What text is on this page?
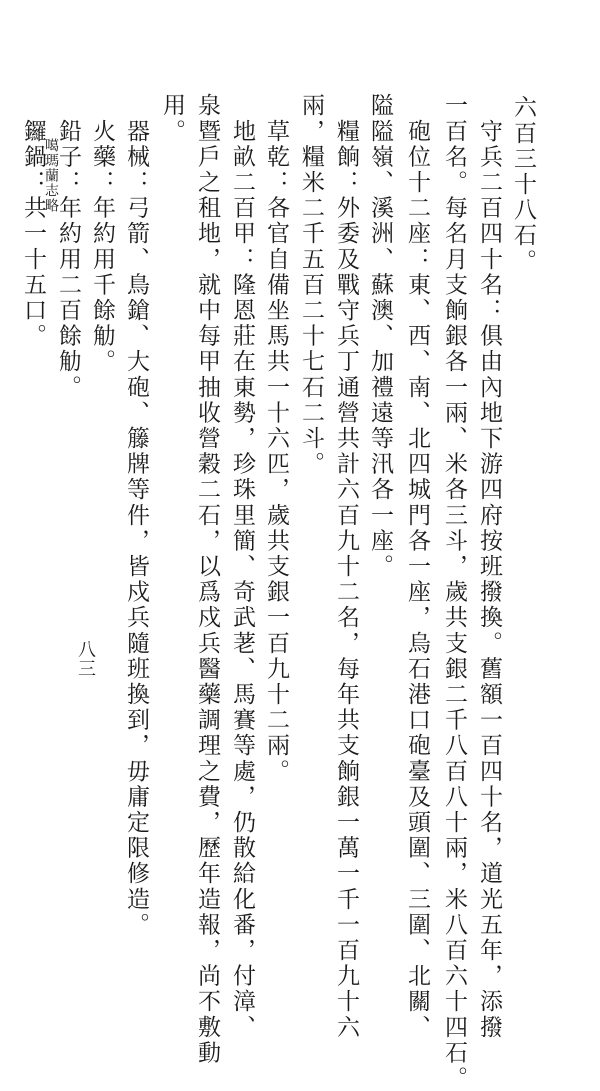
六百三十八石。
　守兵二百四十名：俱由內地下游四府按班撥換。舊額一百四十名，道光五年，添撥
一百名。每名月支餉銀各一兩、米各三斗，歲共支銀二千八百八十兩，米八百六十四石。
　砲位十二座：東、西、南、北四城門各一座，烏石港口砲臺及頭圍、三圍、北關、
隘隘嶺、溪洲、蘇澳、加禮遠等汛各一座。
　糧餉：外委及戰守兵丁通營共計六百九十二名，每年共支餉銀一萬一千一百九十六
兩，糧米二千五百二十七石二斗。
　草乾：各官自備坐馬共一十六匹，歲共支銀一百九十二兩。
　地畝二百甲：隆恩莊在東勢，珍珠里簡、奇武荖、馬賽等處，仍散給化番，付漳、
泉暨戶之租地，就中每甲抽收營穀二石，以爲戍兵醫藥調理之費，歷年造報，尚不敷動
用。
　器械：弓箭、鳥鎗、大砲、籐牌等件，皆戍兵隨班換到，毋庸定限修造。
　火藥：年約用千餘觔。
　鉛子：年約用二百餘觔。
　鑼鍋：共一十五口。
噶瑪蘭志略
八三
